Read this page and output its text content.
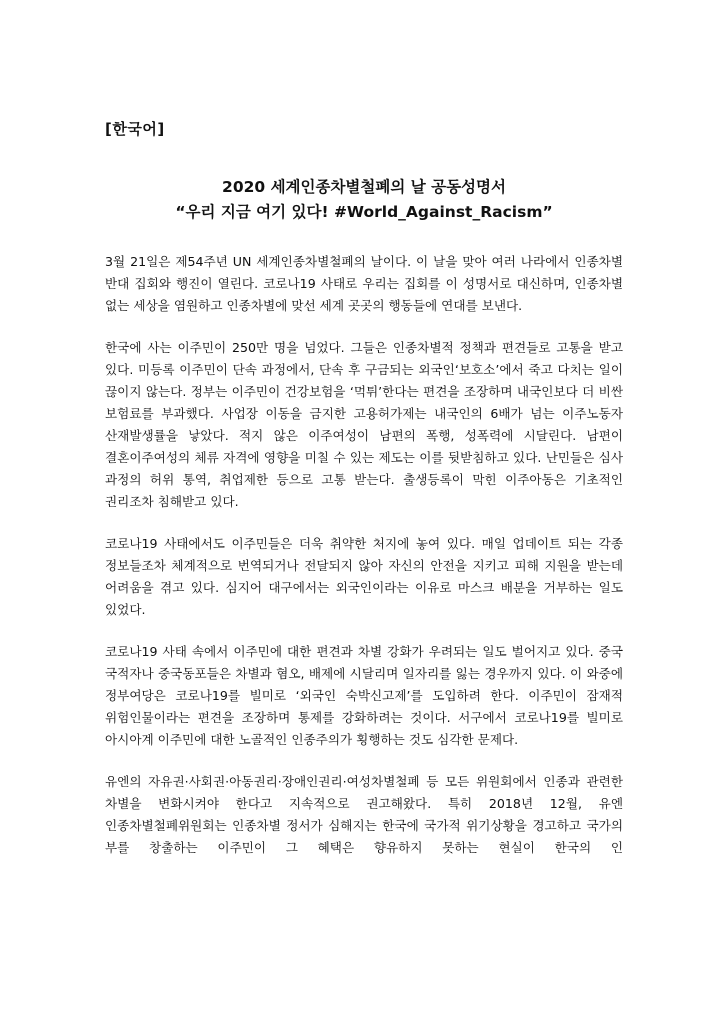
[한국어]

2020 세계인종차별철폐의 날 공동성명서

“우리 지금 여기 있다! #World_Against_Racism”

3월 21일은 제54주년 UN 세계인종차별철폐의 날이다. 이 날을 맞아 여러 나라에서 인종차별 반대 집회와 행진이 열린다. 코로나19 사태로 우리는 집회를 이 성명서로 대신하며, 인종차별 없는 세상을 염원하고 인종차별에 맞선 세계 곳곳의 행동들에 연대를 보낸다.

한국에 사는 이주민이 250만 명을 넘었다. 그들은 인종차별적 정책과 편견들로 고통을 받고 있다. 미등록 이주민이 단속 과정에서, 단속 후 구금되는 외국인‘보호소’에서 죽고 다치는 일이 끊이지 않는다. 정부는 이주민이 건강보험을 ‘먹튀’한다는 편견을 조장하며 내국인보다 더 비싼 보험료를 부과했다. 사업장 이동을 금지한 고용허가제는 내국인의 6배가 넘는 이주노동자 산재발생률을 낳았다. 적지 않은 이주여성이 남편의 폭행, 성폭력에 시달린다. 남편이 결혼이주여성의 체류 자격에 영향을 미칠 수 있는 제도는 이를 뒷받침하고 있다. 난민들은 심사 과정의 허위 통역, 취업제한 등으로 고통 받는다. 출생등록이 막힌 이주아동은 기초적인 권리조차 침해받고 있다.

코로나19 사태에서도 이주민들은 더욱 취약한 처지에 놓여 있다. 매일 업데이트 되는 각종 정보들조차 체계적으로 번역되거나 전달되지 않아 자신의 안전을 지키고 피해 지원을 받는데 어려움을 겪고 있다. 심지어 대구에서는 외국인이라는 이유로 마스크 배분을 거부하는 일도 있었다.

코로나19 사태 속에서 이주민에 대한 편견과 차별 강화가 우려되는 일도 벌어지고 있다. 중국 국적자나 중국동포들은 차별과 혐오, 배제에 시달리며 일자리를 잃는 경우까지 있다. 이 와중에 정부여당은 코로나19를 빌미로 ‘외국인 숙박신고제’를 도입하려 한다. 이주민이 잠재적 위험인물이라는 편견을 조장하며 통제를 강화하려는 것이다. 서구에서 코로나19를 빌미로 아시아계 이주민에 대한 노골적인 인종주의가 횡행하는 것도 심각한 문제다.

유엔의 자유권·사회권·아동권리·장애인권리·여성차별철폐 등 모든 위원회에서 인종과 관련한 차별을 변화시켜야 한다고 지속적으로 권고해왔다. 특히 2018년 12월, 유엔 인종차별철폐위원회는 인종차별 정서가 심해지는 한국에 국가적 위기상황을 경고하고 국가의 부를 창출하는 이주민이 그 혜택은 향유하지 못하는 현실이 한국의 인
